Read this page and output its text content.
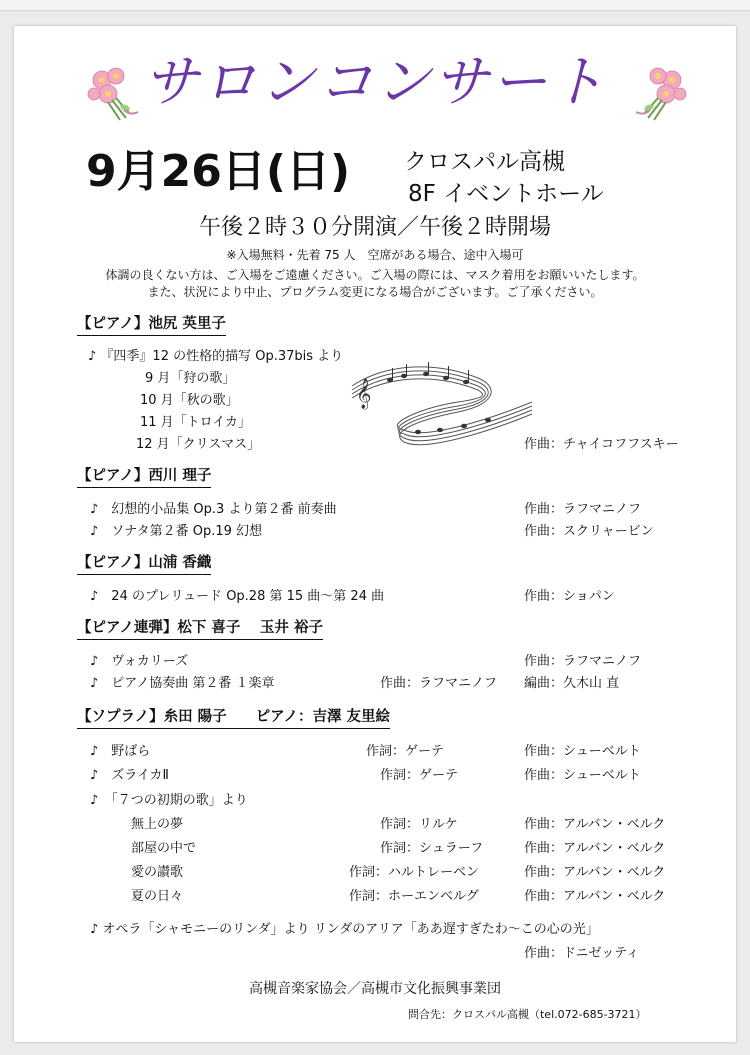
サロンコンサート
9月26日(日) クロスパル高槻
8F イベントホール
午後２時３０分開演／午後２時開場
※入場無料・先着 75 人　空席がある場合、途中入場可
体調の良くない方は、ご入場をご遠慮ください。ご入場の際には、マスク着用をお願いいたします。
また、状況により中止、プログラム変更になる場合がございます。ご了承ください。
𝄞
【ピアノ】池尻 英里子
♪ 『四季』12 の性格的描写 Op.37bis より
9 月「狩の歌」
10 月「秋の歌」
11 月「トロイカ」
12 月「クリスマス」	作曲：チャイコフフスキー
【ピアノ】西川 理子
♪　幻想的小品集 Op.3 より第２番 前奏曲	作曲：ラフマニノフ
♪　ソナタ第２番 Op.19 幻想	作曲：スクリャービン
【ピアノ】山浦 香織
♪　24 のプレリュード Op.28 第 15 曲〜第 24 曲	作曲：ショパン
【ピアノ連弾】松下 喜子　 玉井 裕子
♪　ヴォカリーズ	作曲：ラフマニノフ
♪　ピアノ協奏曲 第２番 １楽章	作曲：ラフマニノフ 編曲：久木山 直
【ソプラノ】糸田 陽子　　ピアノ：吉澤 友里絵
♪　野ばら	作詞：ゲーテ	作曲：シューベルト
♪　ズライカⅡ	作詞：ゲーテ	作曲：シューベルト
♪　「７つの初期の歌」より
無上の夢	作詞：リルケ	作曲：アルバン・ベルク
部屋の中で	作詞：シュラーフ	作曲：アルバン・ベルク
愛の讃歌	作詞：ハルトレーベン	作曲：アルバン・ベルク
夏の日々	作詞：ホーエンベルグ	作曲：アルバン・ベルク
♪ オペラ「シャモニーのリンダ」より リンダのアリア「ああ遅すぎたわ〜この心の光」
作曲：ドニゼッティ
高槻音楽家協会／高槻市文化振興事業団
問合先：クロスパル高槻（tel.072-685-3721）
